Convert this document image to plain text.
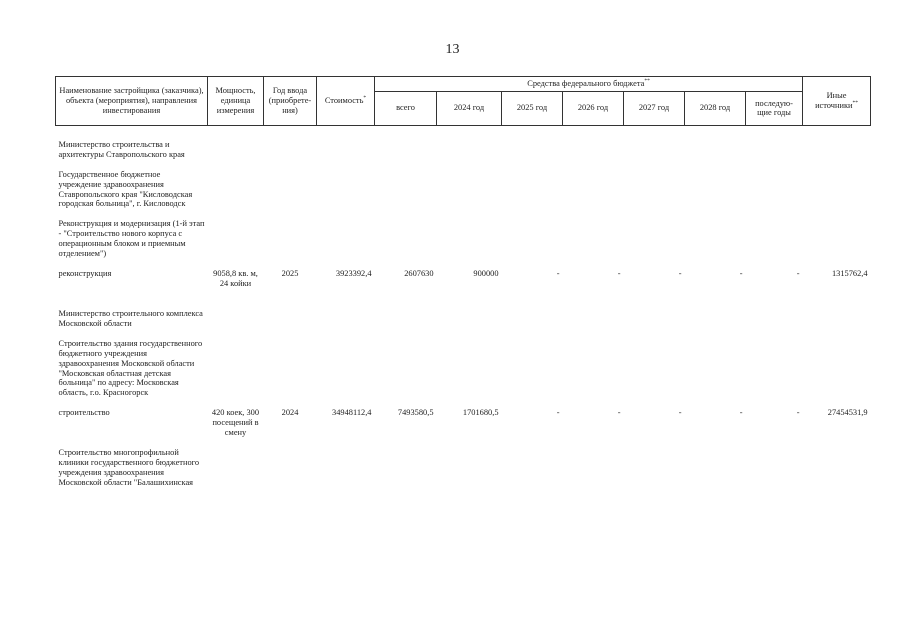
13
Наименование застройщика (заказчика), объекта (мероприятия), направления инвестирования	Мощность, единица измерения	Год ввода (приобрете-ния)	Стоимость*	Средства федерального бюджета**							Иные источники**
				всего	2024 год	2025 год	2026 год	2027 год	2028 год	последую-щие годы	

Министерство строительства и архитектуры Ставропольского края											
Государственное бюджетное учреждение здравоохранения Ставропольского края "Кисловодская городская больница", г. Кисловодск											
Реконструкция и модернизация (1-й этап - "Строительство нового корпуса с операционным блоком и приемным отделением")											
реконструкция	9058,8 кв. м, 24 койки	2025	3923392,4	2607630	900000	-	-	-	-	-	1315762,4
Министерство строительного комплекса Московской области											
Строительство здания государственного бюджетного учреждения здравоохранения Московской области "Московская областная детская больница" по адресу: Московская область, г.о. Красногорск											
строительство	420 коек, 300 посещений в смену	2024	34948112,4	7493580,5	1701680,5	-	-	-	-	-	27454531,9
Строительство многопрофильной клиники государственного бюджетного учреждения здравоохранения Московской области "Балашихинская											
